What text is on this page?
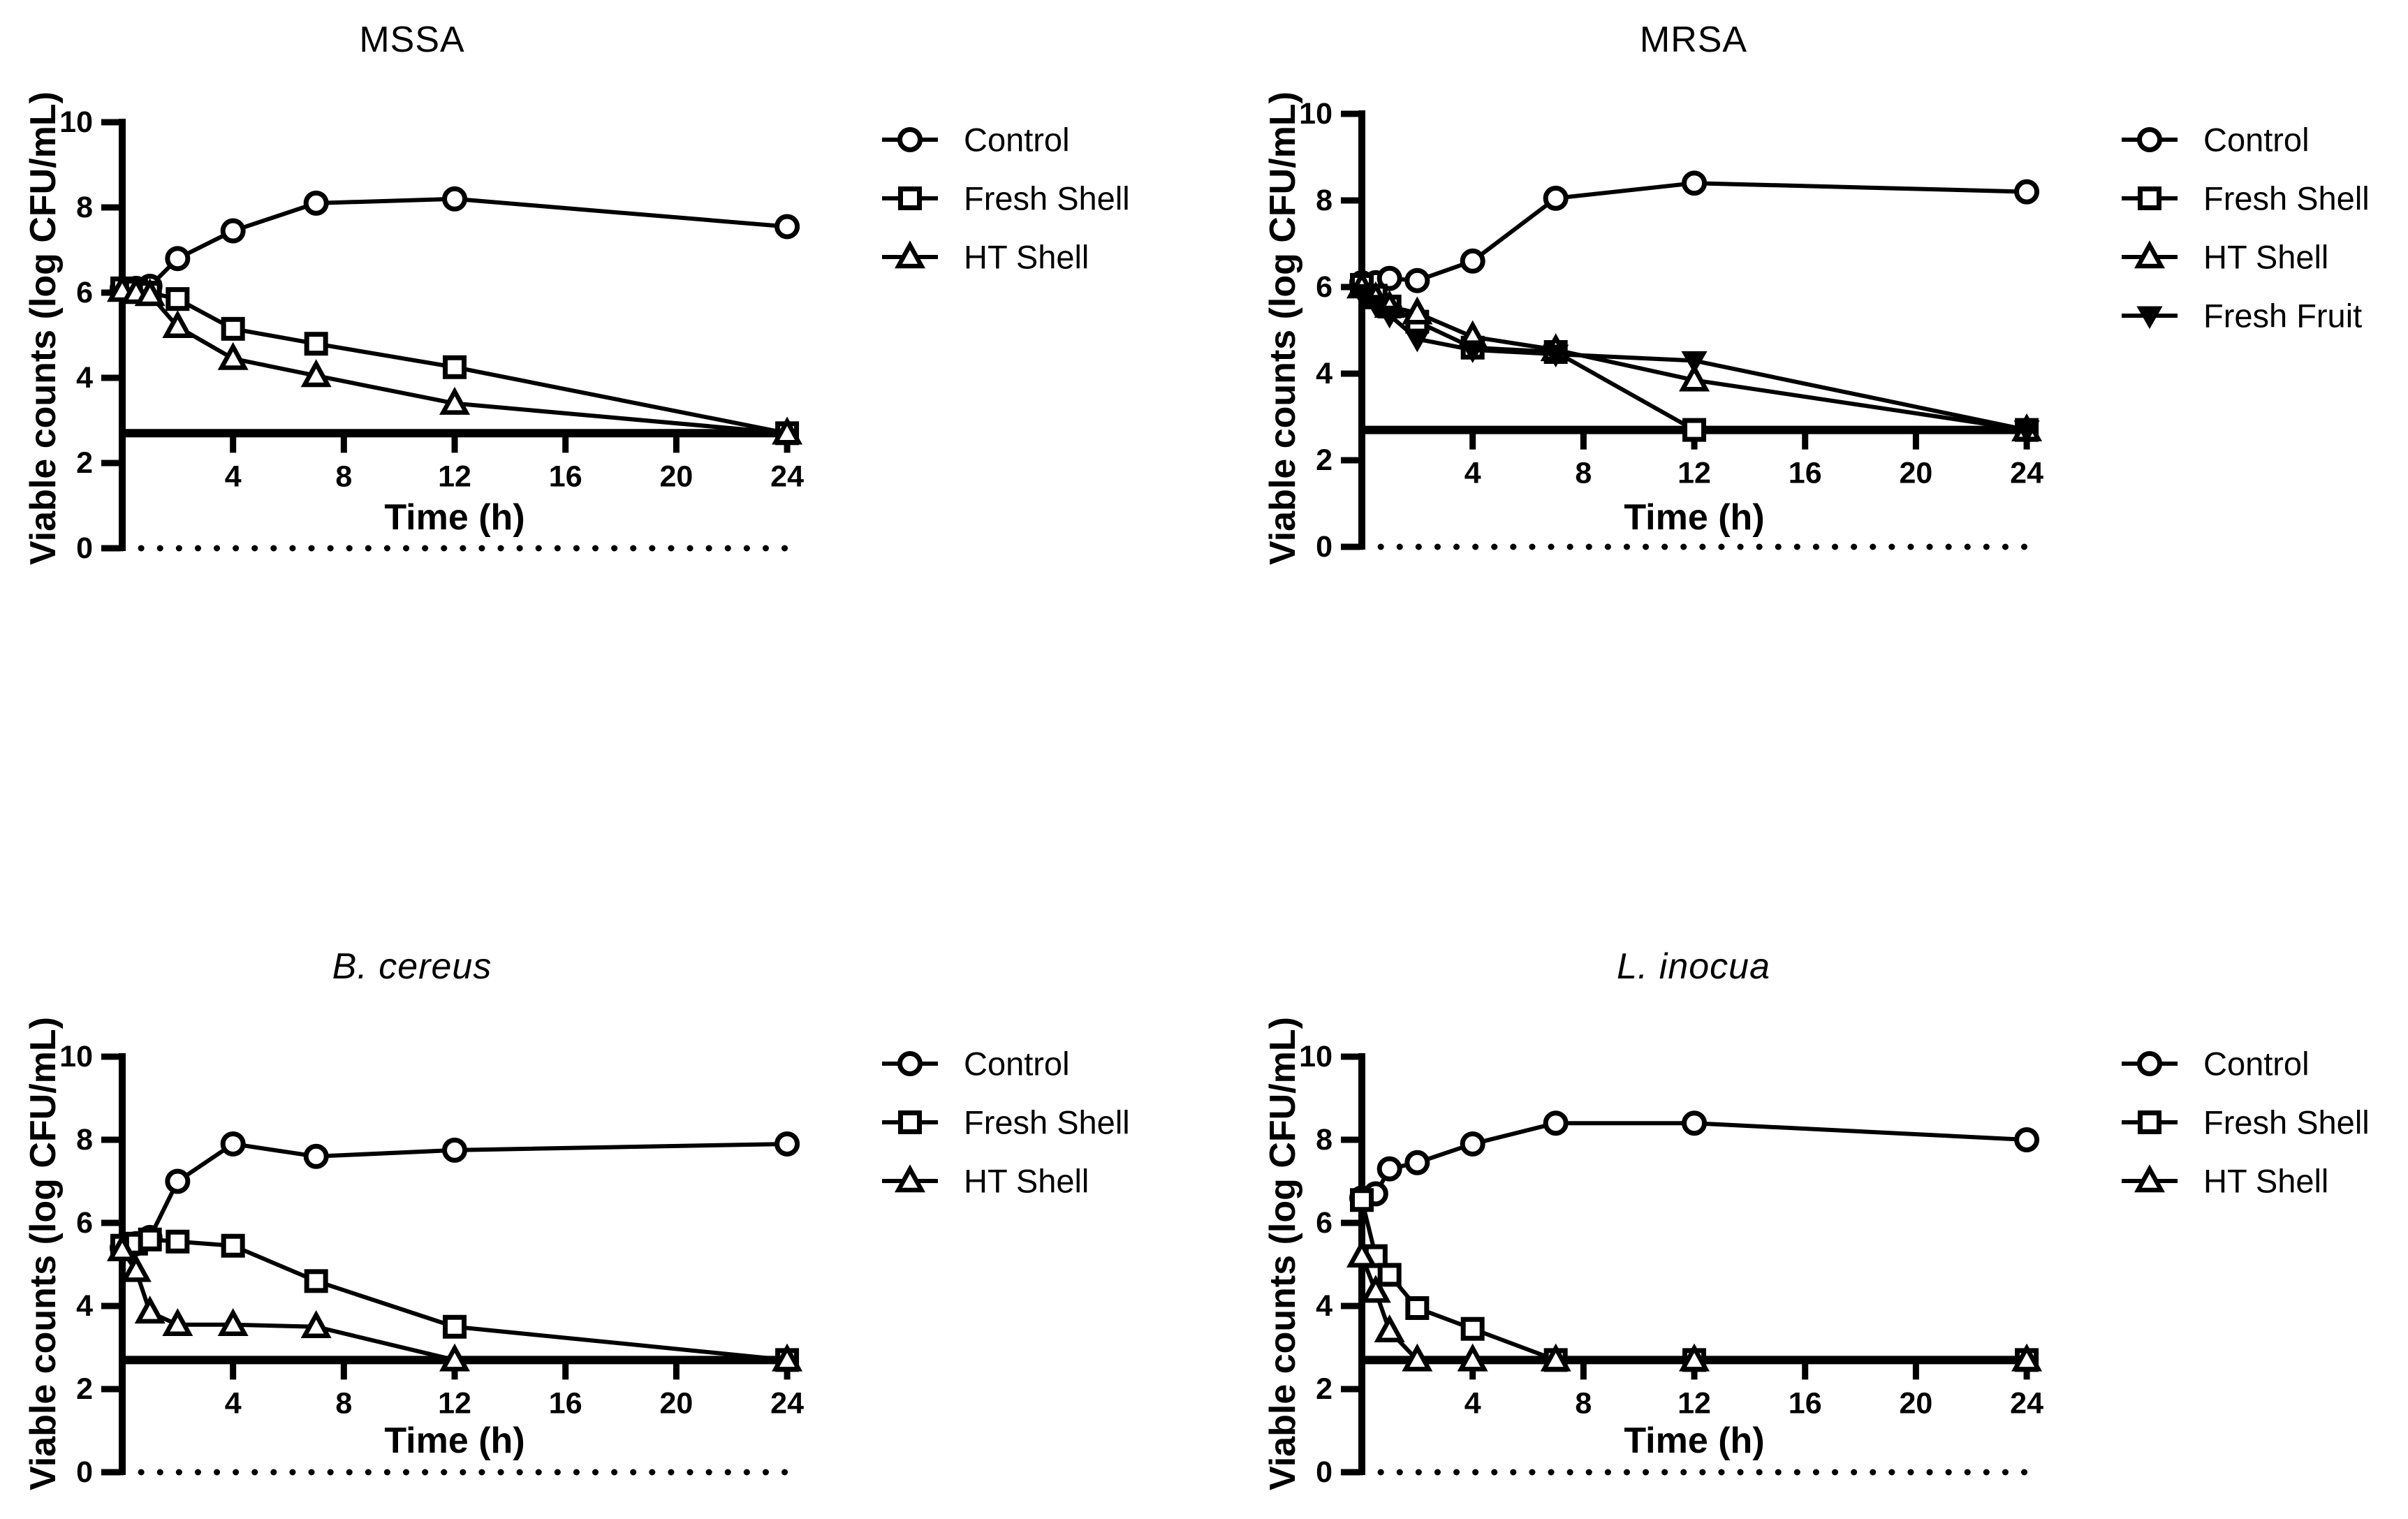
0
2
4
6
8
10
4	8	12	16	20	24
Control
Fresh Shell
HT Shell
0
2
4
6
8
10
4	8	12	16	20	24
Control
Fresh Shell
HT Shell
Fresh Fruit
0
2
4
6
8
10
4	8	12	16	20	24
Control
Fresh Shell
HT Shell
0
2
4
6
8
10
4	8	12	16	20	24
Control
Fresh Shell
HT Shell
MSSA	MRSA
B. cereus	L. inocua
Viable counts (log CFU/mL)	Viable counts (log CFU/mL)
Viable counts (log CFU/mL)	Viable counts (log CFU/mL)
Time (h)	Time (h)
Time (h)	Time (h)
